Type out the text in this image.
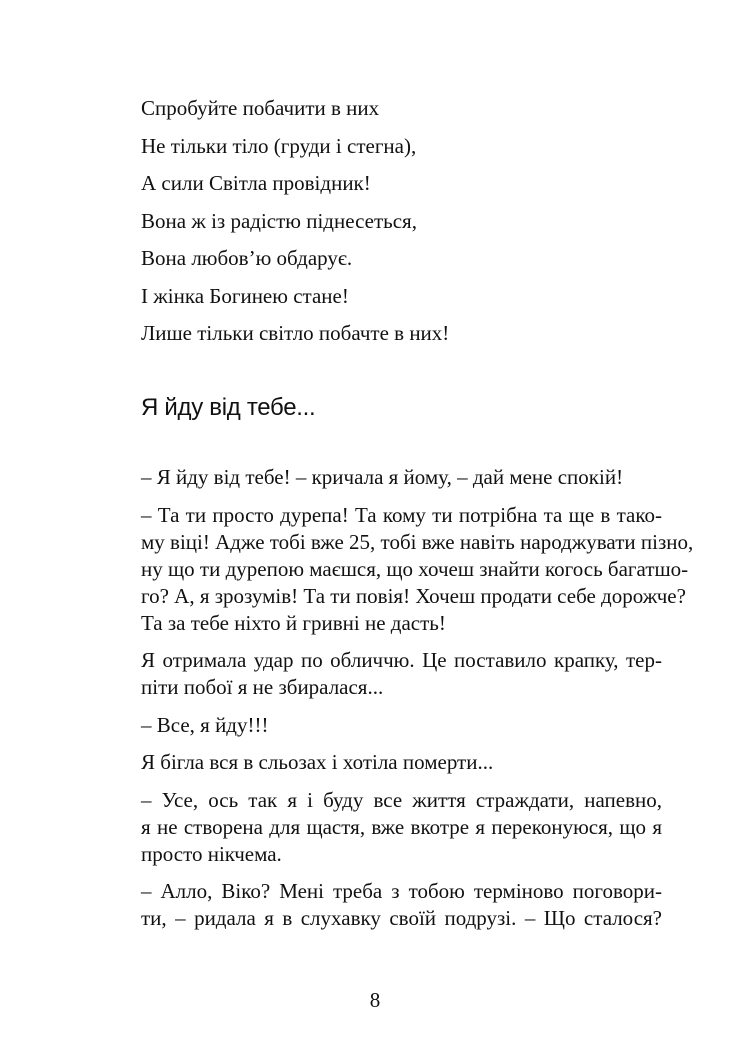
Спробуйте побачити в них
Не тільки тіло (груди і стегна),
А сили Світла провідник!
Вона ж із радістю піднесеться,
Вона любов’ю обдарує.
І жінка Богинею стане!
Лише тільки світло побачте в них!
Я йду від тебе...
– Я йду від тебе! – кричала я йому, – дай мене спокій!
– Та ти просто дурепа! Та кому ти потрібна та ще в тако-
му віці! Адже тобі вже 25, тобі вже навіть народжувати пізно,
ну що ти дурепою маєшся, що хочеш знайти когось багатшо-
го? А, я зрозумів! Та ти повія! Хочеш продати себе дорожче?
Та за тебе ніхто й гривні не дасть!
Я отримала удар по обличчю. Це поставило крапку, тер-
піти побої я не збиралася...
– Все, я йду!!!
Я бігла вся в сльозах і хотіла померти...
– Усе, ось так я і буду все життя страждати, напевно,
я не створена для щастя, вже вкотре я переконуюся, що я
просто нікчема.
– Алло, Віко? Мені треба з тобою терміново поговори-
ти, – ридала я в слухавку своїй подрузі. – Що сталося?
8
